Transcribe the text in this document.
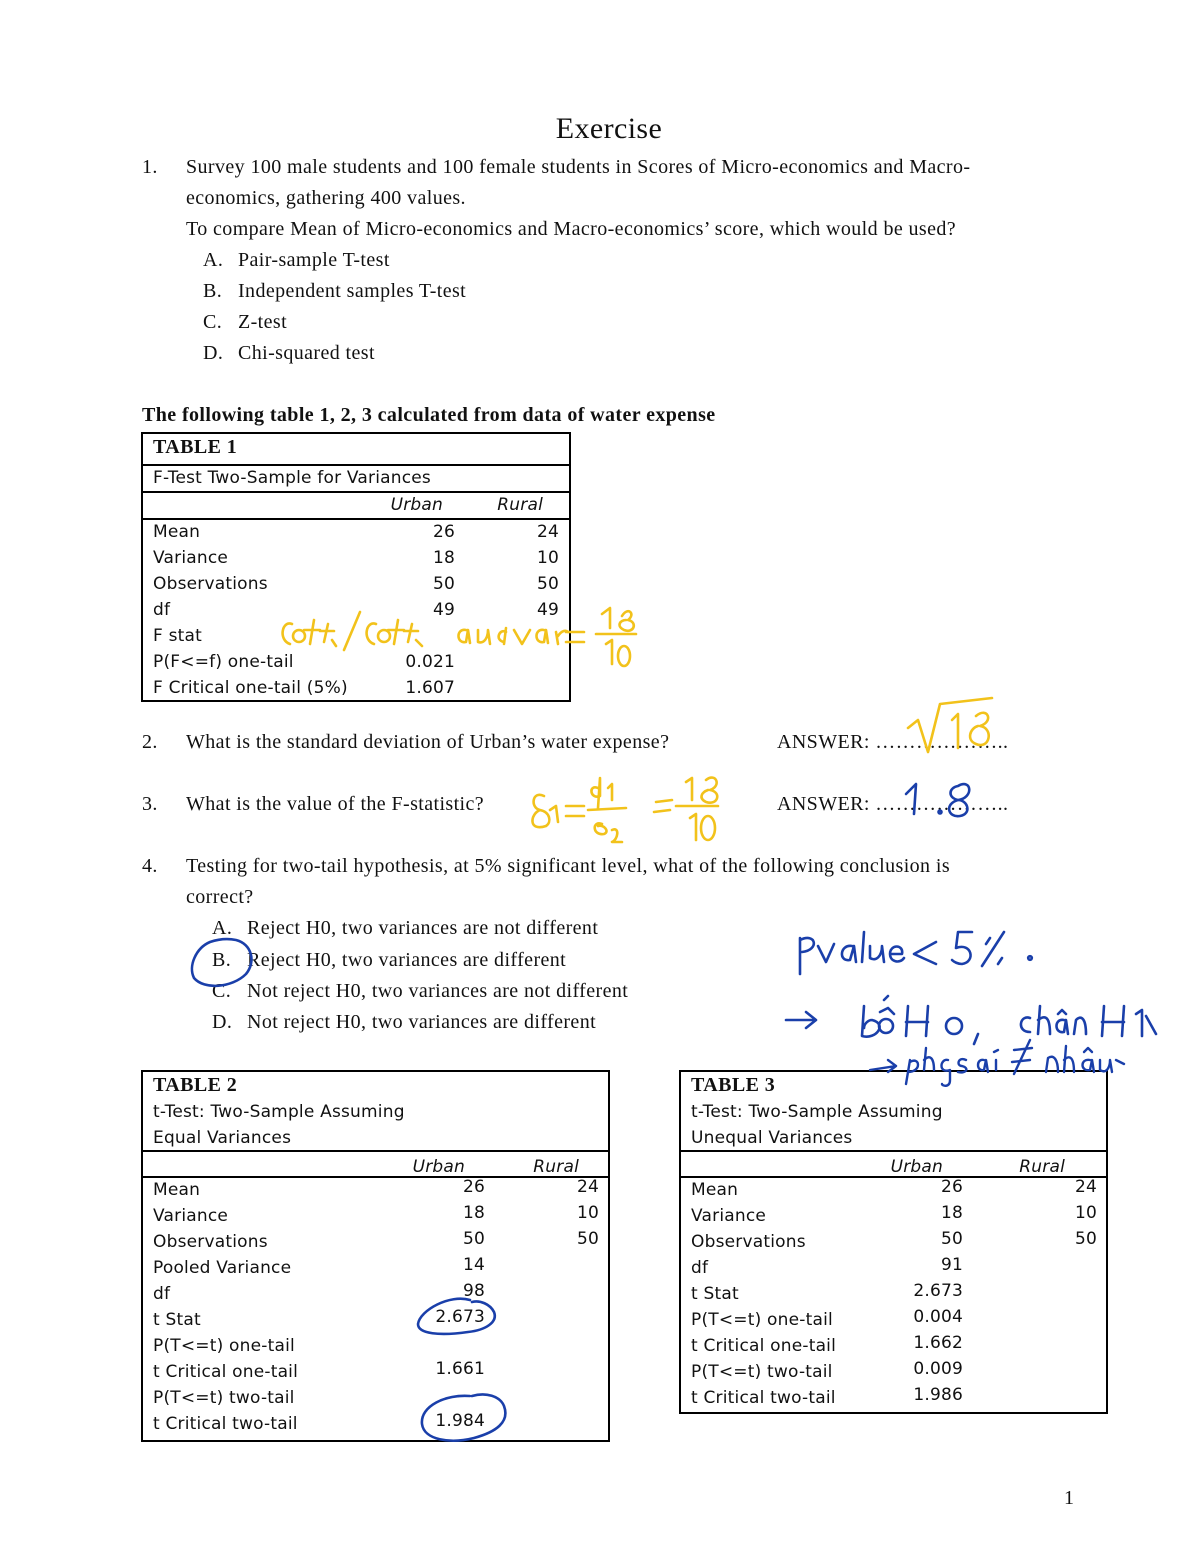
Exercise
1. Survey 100 male students and 100 female students in Scores of Micro-economics and Macro-
economics, gathering 400 values.
To compare Mean of Micro-economics and Macro-economics’ score, which would be used?
A. Pair-sample T-test
B. Independent samples T-test
C. Z-test
D. Chi-squared test
The following table 1, 2, 3 calculated from data of water expense
TABLE 1
F-Test Two-Sample for Variances
Urban	Rural
Mean	26	24
Variance	18	10
Observations	50	50
df	49	49
F stat
P(F<=f) one-tail	0.021
F Critical one-tail (5%)	1.607
2. What is the standard deviation of Urban’s water expense?	ANSWER: ………………..
3. What is the value of the F-statistic?	ANSWER: ………………..
4. Testing for two-tail hypothesis, at 5% significant level, what of the following conclusion is
correct?
A. Reject H0, two variances are not different
B. Reject H0, two variances are different
C. Not reject H0, two variances are not different
D. Not reject H0, two variances are different
TABLE 2
t-Test: Two-Sample Assuming
Equal Variances
Urban	Rural
Mean	26	24
Variance	18	10
Observations	50	50
Pooled Variance	14
df	98
t Stat	2.673
P(T<=t) one-tail
t Critical one-tail	1.661
P(T<=t) two-tail
t Critical two-tail	1.984
TABLE 3
t-Test: Two-Sample Assuming
Unequal Variances
Urban	Rural
Mean	26	24
Variance	18	10
Observations	50	50
df	91
t Stat	2.673
P(T<=t) one-tail	0.004
t Critical one-tail	1.662
P(T<=t) two-tail	0.009
t Critical two-tail	1.986
1
